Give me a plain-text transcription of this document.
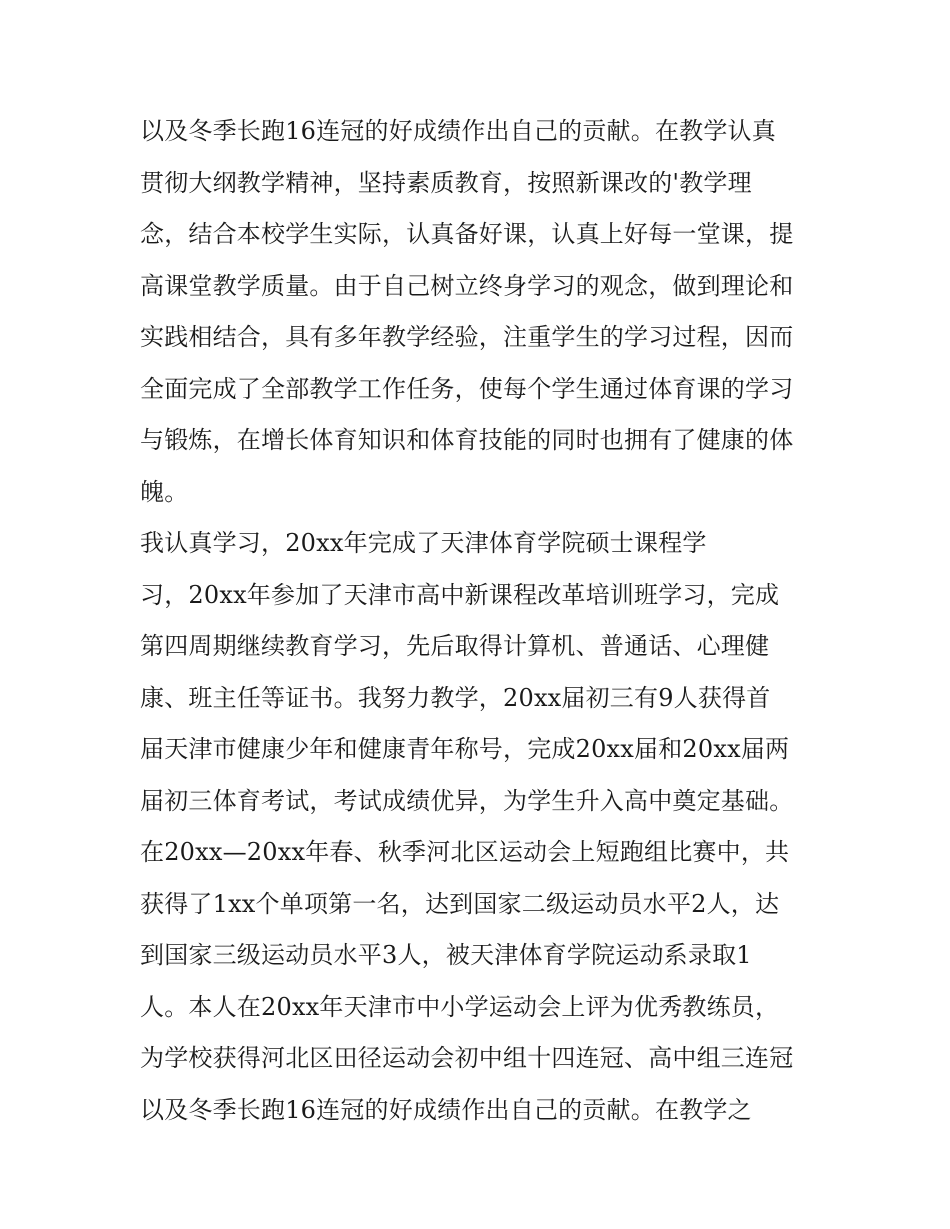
以及冬季长跑16连冠的好成绩作出自己的贡献。在教学认真
贯彻大纲教学精神，坚持素质教育，按照新课改的'教学理
念，结合本校学生实际，认真备好课，认真上好每一堂课，提
高课堂教学质量。由于自己树立终身学习的观念，做到理论和
实践相结合，具有多年教学经验，注重学生的学习过程，因而
全面完成了全部教学工作任务，使每个学生通过体育课的学习
与锻炼，在增长体育知识和体育技能的同时也拥有了健康的体
魄。
我认真学习，20xx年完成了天津体育学院硕士课程学
习，20xx年参加了天津市高中新课程改革培训班学习，完成
第四周期继续教育学习，先后取得计算机、普通话、心理健
康、班主任等证书。我努力教学，20xx届初三有9人获得首
届天津市健康少年和健康青年称号，完成20xx届和20xx届两
届初三体育考试，考试成绩优异，为学生升入高中奠定基础。
在20xx—20xx年春、秋季河北区运动会上短跑组比赛中，共
获得了1xx个单项第一名，达到国家二级运动员水平2人，达
到国家三级运动员水平3人，被天津体育学院运动系录取1
人。本人在20xx年天津市中小学运动会上评为优秀教练员，
为学校获得河北区田径运动会初中组十四连冠、高中组三连冠
以及冬季长跑16连冠的好成绩作出自己的贡献。在教学之
